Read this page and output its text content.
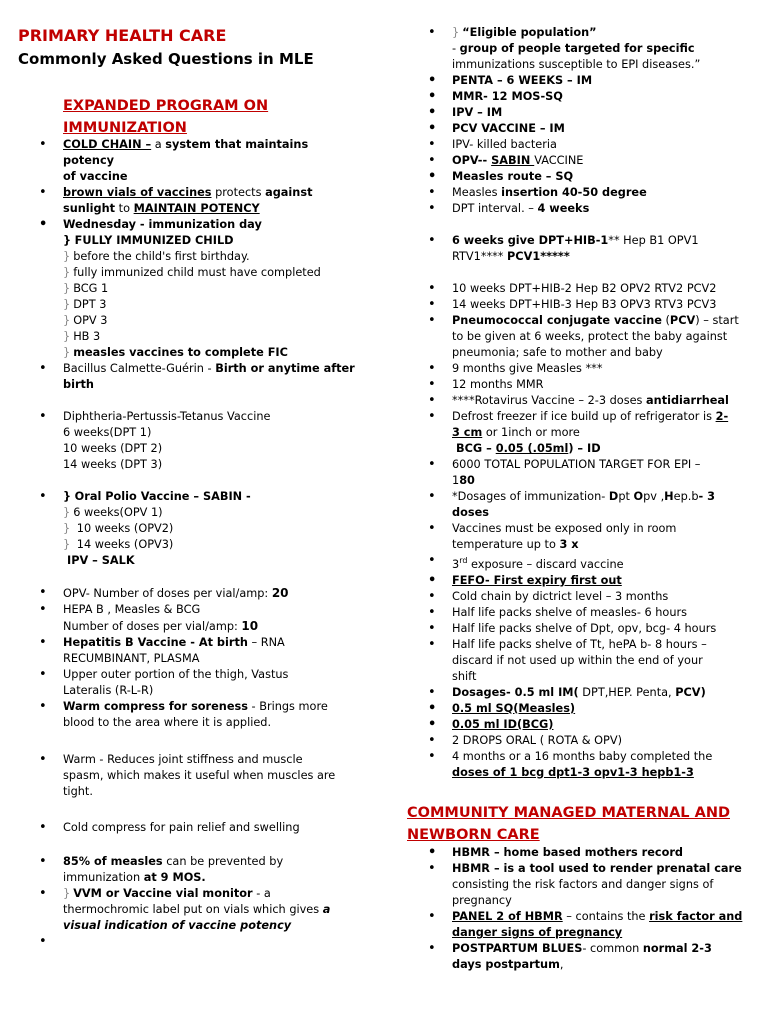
PRIMARY HEALTH CARE
Commonly Asked Questions in MLE
EXPANDED PROGRAM ON IMMUNIZATION
• COLD CHAIN – a system that maintains potency
of vaccine
• brown vials of vaccines protects against
sunlight to MAINTAIN POTENCY
• Wednesday - immunization day
} FULLY IMMUNIZED CHILD
} before the child's first birthday.
} fully immunized child must have completed
} BCG 1
} DPT 3
} OPV 3
} HB 3
} measles vaccines to complete FIC
• Bacillus Calmette-Guérin - Birth or anytime after
birth
• Diphtheria-Pertussis-Tetanus Vaccine
6 weeks(DPT 1)
10 weeks (DPT 2)
14 weeks (DPT 3)
• } Oral Polio Vaccine – SABIN -
} 6 weeks(OPV 1)
} 10 weeks (OPV2)
} 14 weeks (OPV3)
IPV – SALK
• OPV- Number of doses per vial/amp: 20
• HEPA B , Measles & BCG
Number of doses per vial/amp: 10
• Hepatitis B Vaccine - At birth – RNA
RECUMBINANT, PLASMA
• Upper outer portion of the thigh, Vastus
Lateralis (R-L-R)
• Warm compress for soreness - Brings more
blood to the area where it is applied.
• Warm - Reduces joint stiffness and muscle
spasm, which makes it useful when muscles are
tight.
• Cold compress for pain relief and swelling
• 85% of measles can be prevented by
immunization at 9 MOS.
• } VVM or Vaccine vial monitor - a
thermochromic label put on vials which gives a
visual indication of vaccine potency
•
• } “Eligible population”
- group of people targeted for specific
immunizations susceptible to EPI diseases.”
• PENTA – 6 WEEKS – IM
• MMR- 12 MOS-SQ
• IPV – IM
• PCV VACCINE – IM
• IPV- killed bacteria
• OPV-- SABIN VACCINE
• Measles route – SQ
• Measles insertion 40-50 degree
• DPT interval. – 4 weeks
• 6 weeks give DPT+HIB-1** Hep B1 OPV1
RTV1**** PCV1*****
• 10 weeks DPT+HIB-2 Hep B2 OPV2 RTV2 PCV2
• 14 weeks DPT+HIB-3 Hep B3 OPV3 RTV3 PCV3
• Pneumococcal conjugate vaccine (PCV) – start
to be given at 6 weeks, protect the baby against
pneumonia; safe to mother and baby
• 9 months give Measles ***
• 12 months MMR
• ****Rotavirus Vaccine – 2-3 doses antidiarrheal
• Defrost freezer if ice build up of refrigerator is 2-
3 cm or 1inch or more
BCG – 0.05 (.05ml) – ID
• 6000 TOTAL POPULATION TARGET FOR EPI –
180
• *Dosages of immunization- Dpt Opv ,Hep.b- 3
doses
• Vaccines must be exposed only in room
temperature up to 3 x
• 3rd exposure – discard vaccine
• FEFO- First expiry first out
• Cold chain by dictrict level – 3 months
• Half life packs shelve of measles- 6 hours
• Half life packs shelve of Dpt, opv, bcg- 4 hours
• Half life packs shelve of Tt, hePA b- 8 hours –
discard if not used up within the end of your
shift
• Dosages- 0.5 ml IM( DPT,HEP. Penta, PCV)
• 0.5 ml SQ(Measles)
• 0.05 ml ID(BCG)
• 2 DROPS ORAL ( ROTA & OPV)
• 4 months or a 16 months baby completed the
doses of 1 bcg dpt1-3 opv1-3 hepb1-3
COMMUNITY MANAGED MATERNAL AND NEWBORN CARE
• HBMR – home based mothers record
• HBMR – is a tool used to render prenatal care
consisting the risk factors and danger signs of
pregnancy
• PANEL 2 of HBMR – contains the risk factor and
danger signs of pregnancy
• POSTPARTUM BLUES- common normal 2-3
days postpartum,
